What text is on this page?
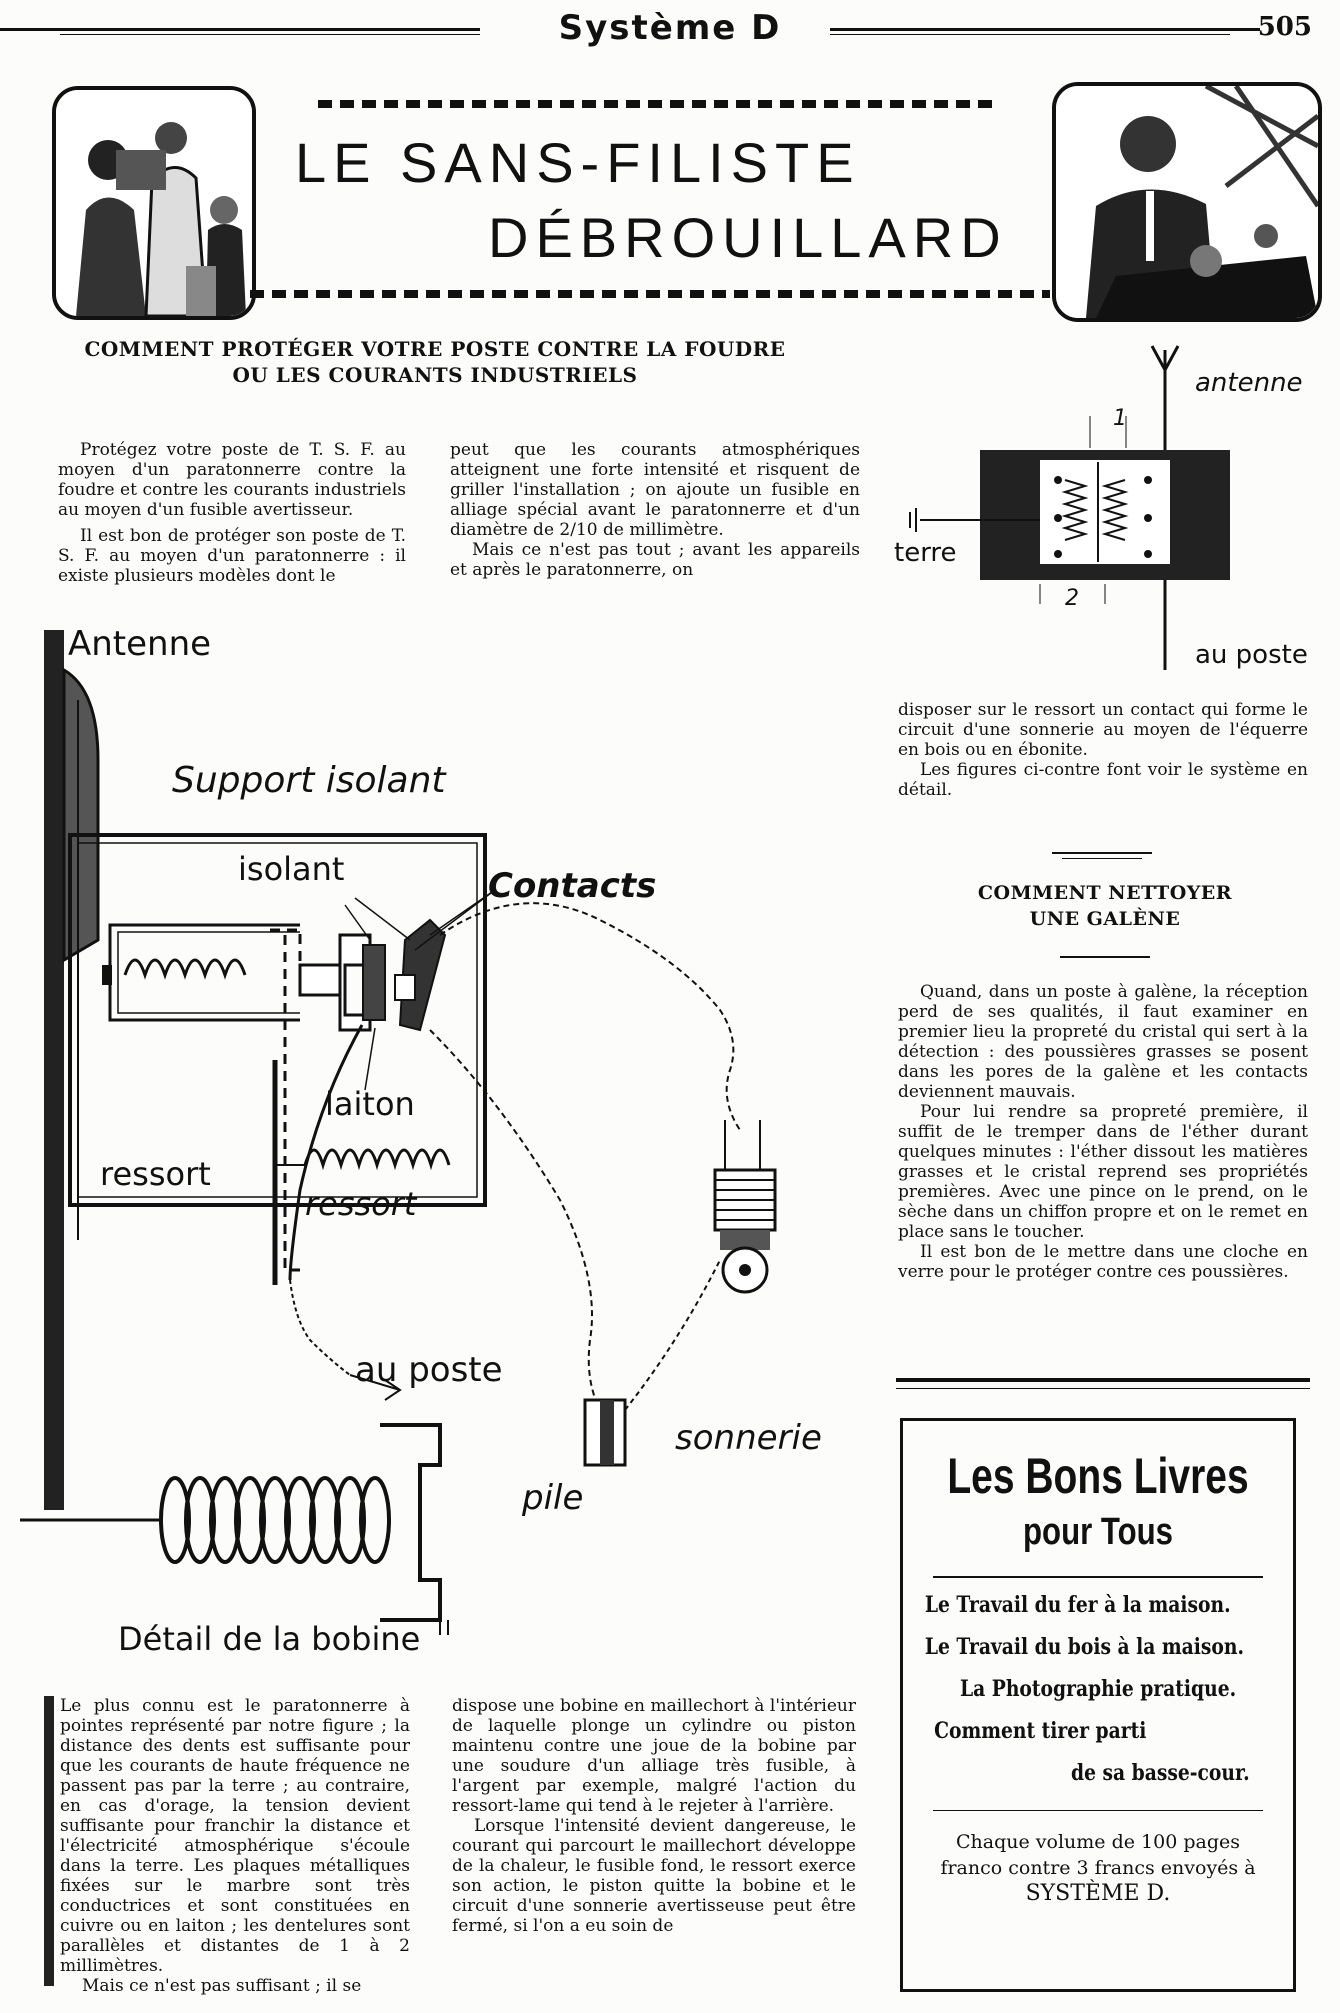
Système D	505
LE SANS-FILISTE
DÉBROUILLARD
COMMENT PROTÉGER VOTRE POSTE CONTRE LA FOUDRE
OU LES COURANTS INDUSTRIELS

Protégez votre poste de T. S. F. au moyen d'un paratonnerre contre la foudre et contre les courants industriels au moyen d'un fusible avertisseur.

Il est bon de protéger son poste de T. S. F. au moyen d'un paratonnerre : il existe plusieurs modèles dont le

peut que les courants atmosphériques atteignent une forte intensité et risquent de griller l'installation ; on ajoute un fusible en alliage spécial avant le paratonnerre et d'un diamètre de 2/10 de millimètre.

Mais ce n'est pas tout ; avant les appareils et après le paratonnerre, on

antenne
1
terre
2
au poste

disposer sur le ressort un contact qui forme le circuit d'une sonnerie au moyen de l'équerre en bois ou en ébonite.

Les figures ci-contre font voir le système en détail.

Antenne
Support isolant
isolant	Contacts
laiton
ressort
ressort
au poste
sonnerie
pile
Détail de la bobine
COMMENT NETTOYER
UNE GALÈNE

Quand, dans un poste à galène, la réception perd de ses qualités, il faut examiner en premier lieu la propreté du cristal qui sert à la détection : des poussières grasses se posent dans les pores de la galène et les contacts deviennent mauvais.

Pour lui rendre sa propreté première, il suffit de le tremper dans de l'éther durant quelques minutes : l'éther dissout les matières grasses et le cristal reprend ses propriétés premières. Avec une pince on le prend, on le sèche dans un chiffon propre et on le remet en place sans le toucher.

Il est bon de le mettre dans une cloche en verre pour le protéger contre ces poussières.

Les Bons Livres
pour Tous
Le Travail du fer à la maison.
Le Travail du bois à la maison.
La Photographie pratique.
Comment tirer parti
de sa basse-cour.
Chaque volume de 100 pages
franco contre 3 francs envoyés à
SYSTÈME D.

Le plus connu est le paratonnerre à pointes représenté par notre figure ; la distance des dents est suffisante pour que les courants de haute fréquence ne passent pas par la terre ; au contraire, en cas d'orage, la tension devient suffisante pour franchir la distance et l'électricité atmosphérique s'écoule dans la terre. Les plaques métalliques fixées sur le marbre sont très conductrices et sont constituées en cuivre ou en laiton ; les dentelures sont parallèles et distantes de 1 à 2 millimètres.

Mais ce n'est pas suffisant ; il se

dispose une bobine en maillechort à l'intérieur de laquelle plonge un cylindre ou piston maintenu contre une joue de la bobine par une soudure d'un alliage très fusible, à l'argent par exemple, malgré l'action du ressort-lame qui tend à le rejeter à l'arrière.

Lorsque l'intensité devient dangereuse, le courant qui parcourt le maillechort développe de la chaleur, le fusible fond, le ressort exerce son action, le piston quitte la bobine et le circuit d'une sonnerie avertisseuse peut être fermé, si l'on a eu soin de
